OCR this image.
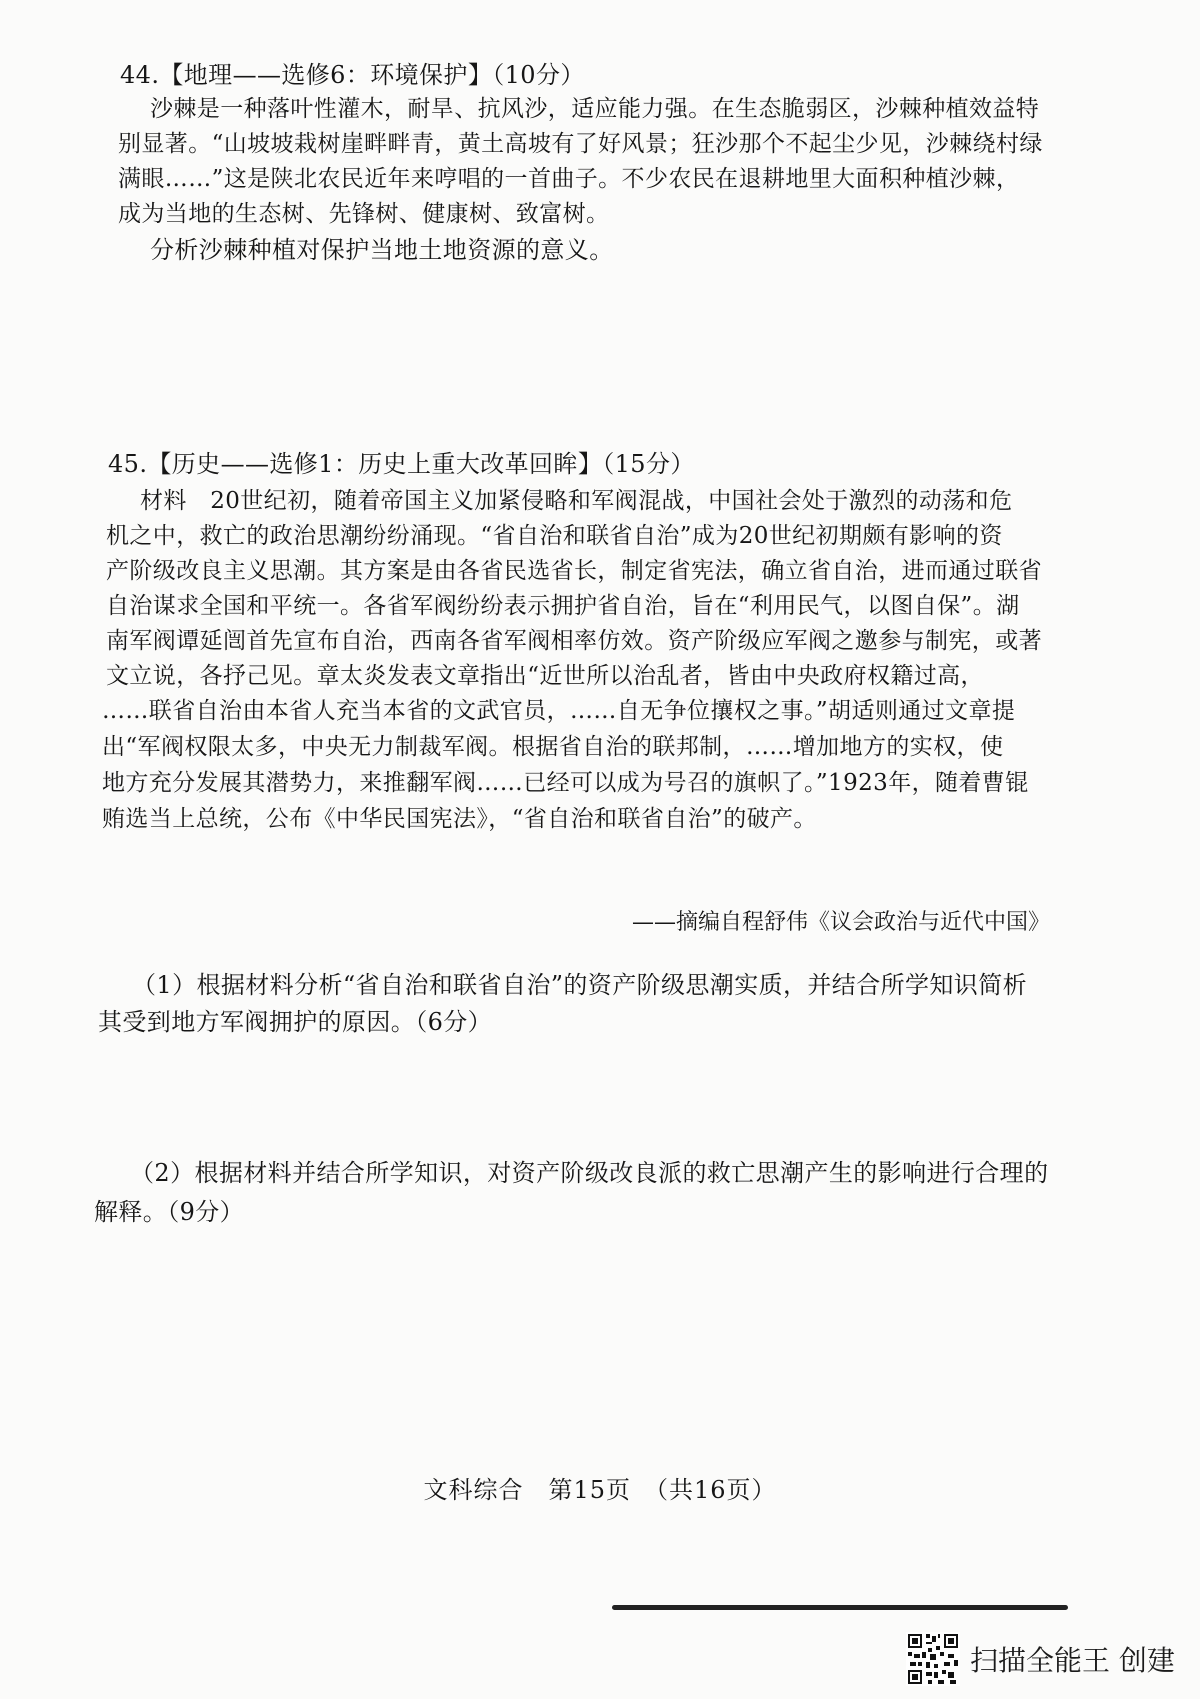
44.【地理——选修6：环境保护】（10分）
沙棘是一种落叶性灌木，耐旱、抗风沙，适应能力强。在生态脆弱区，沙棘种植效益特
别显著。“山坡坡栽树崖畔畔青，黄土高坡有了好风景；狂沙那个不起尘少见，沙棘绕村绿
满眼……”这是陕北农民近年来哼唱的一首曲子。不少农民在退耕地里大面积种植沙棘，
成为当地的生态树、先锋树、健康树、致富树。
分析沙棘种植对保护当地土地资源的意义。
45.【历史——选修1：历史上重大改革回眸】（15分）
材料　20世纪初，随着帝国主义加紧侵略和军阀混战，中国社会处于激烈的动荡和危
机之中，救亡的政治思潮纷纷涌现。“省自治和联省自治”成为20世纪初期颇有影响的资
产阶级改良主义思潮。其方案是由各省民选省长，制定省宪法，确立省自治，进而通过联省
自治谋求全国和平统一。各省军阀纷纷表示拥护省自治，旨在“利用民气，以图自保”。湖
南军阀谭延闿首先宣布自治，西南各省军阀相率仿效。资产阶级应军阀之邀参与制宪，或著
文立说，各抒己见。章太炎发表文章指出“近世所以治乱者，皆由中央政府权籍过高，
……联省自治由本省人充当本省的文武官员，……自无争位攘权之事。”胡适则通过文章提
出“军阀权限太多，中央无力制裁军阀。根据省自治的联邦制，……增加地方的实权，使
地方充分发展其潜势力，来推翻军阀……已经可以成为号召的旗帜了。”1923年，随着曹锟
贿选当上总统，公布《中华民国宪法》，“省自治和联省自治”的破产。
——摘编自程舒伟《议会政治与近代中国》
（1）根据材料分析“省自治和联省自治”的资产阶级思潮实质，并结合所学知识简析
其受到地方军阀拥护的原因。（6分）
（2）根据材料并结合所学知识，对资产阶级改良派的救亡思潮产生的影响进行合理的
解释。（9分）
文科综合　第15页　（共16页）
扫描全能王 创建
